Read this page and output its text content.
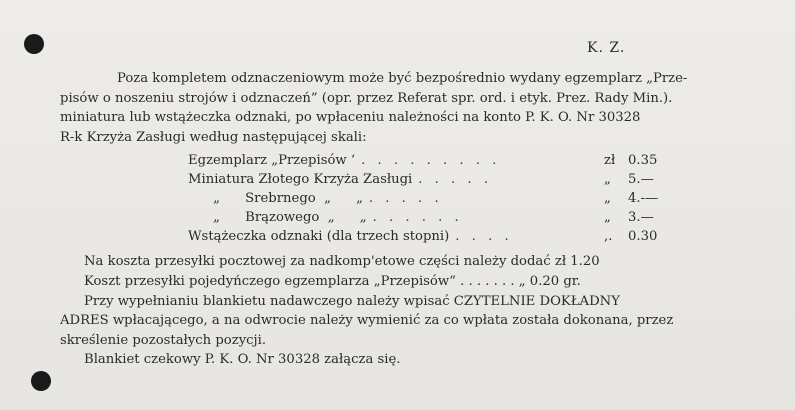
K. Z.

Poza kompletem odznaczeniowym może być bezpośrednio wydany egzemplarz „Prze-

pisów o noszeniu strojów i odznaczeń” (opr. przez Referat spr. ord. i etyk. Prez. Rady Min.).

miniatura lub wstążeczka odznaki, po wpłaceniu należności na konto P. K. O. Nr 30328

R-k Krzyża Zasługi według następującej skali:

Egzemplarz „Przepisów ‘ . . . . . . . . .	zł 0.35
Miniatura Złotego Krzyża Zasługi . . . . .	„	5.—
„      Srebrnego  „      „ . . . . .	„	4.-—
„      Brązowego  „      „ . . . . . .	„	3.—
Wstążeczka odznaki (dla trzech stopni) . . . .	,.	0.30

Na koszta przesyłki pocztowej za nadkomp'etowe części należy dodać zł 1.20

Koszt przesyłki pojedyńczego egzemplarza „Przepisów“ . . . . . . . „ 0.20 gr.

Przy wypełnianiu blankietu nadawczego należy wpisać CZYTELNIE DOKŁADNY

ADRES wpłacającego, a na odwrocie należy wymienić za co wpłata została dokonana, przez

skreślenie pozostałych pozycji.

Blankiet czekowy P. K. O. Nr 30328 załącza się.
